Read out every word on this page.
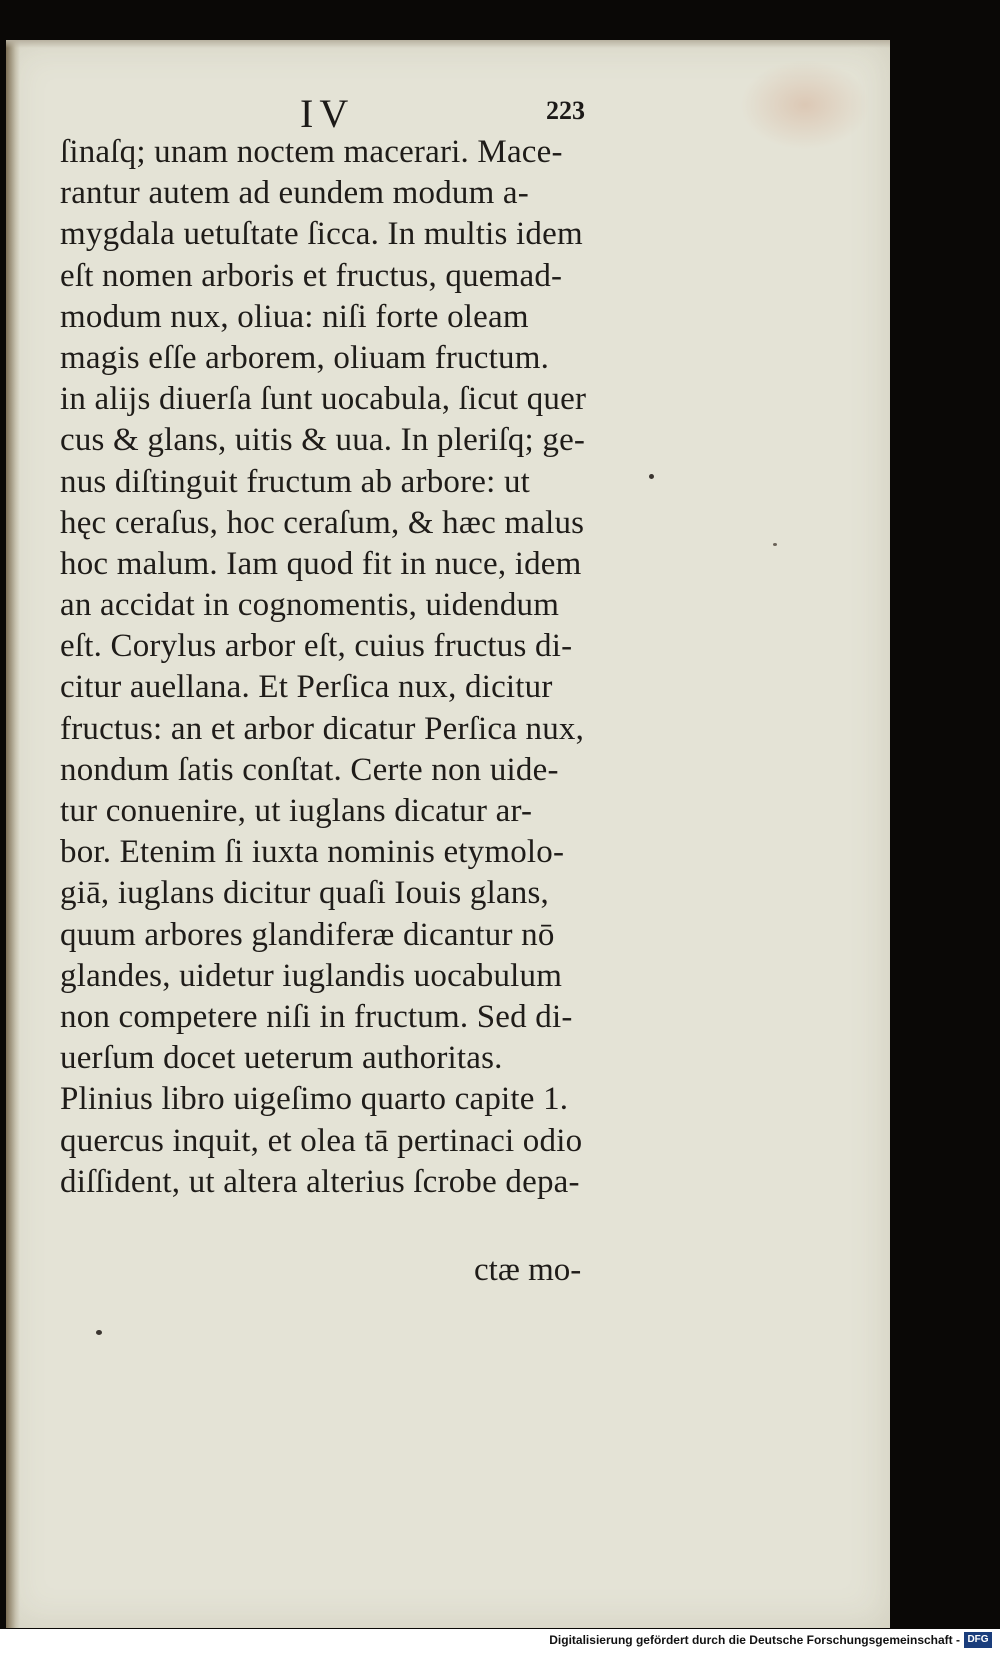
IV	223
ſinaſq; unam noctem macerari. Mace-
rantur autem ad eundem modum a-
mygdala uetuſtate ſicca. In multis idem
eſt nomen arboris et fructus, quemad-
modum nux, oliua: niſi forte oleam
magis eſſe arborem, oliuam fructum.
in alijs diuerſa ſunt uocabula, ſicut quer
cus & glans, uitis & uua. In pleriſq; ge-
nus diſtinguit fructum ab arbore: ut
hęc ceraſus, hoc ceraſum, & hæc malus
hoc malum. Iam quod fit in nuce, idem
an accidat in cognomentis, uidendum
eſt. Corylus arbor eſt, cuius fructus di-
citur auellana. Et Perſica nux, dicitur
fructus: an et arbor dicatur Perſica nux,
nondum ſatis conſtat. Certe non uide-
tur conuenire, ut iuglans dicatur ar-
bor. Etenim ſi iuxta nominis etymolo-
giā, iuglans dicitur quaſi Iouis glans,
quum arbores glandiferæ dicantur nō
glandes, uidetur iuglandis uocabulum
non competere niſi in fructum. Sed di-
uerſum docet ueterum authoritas.
Plinius libro uigeſimo quarto capite 1.
quercus inquit, et olea tā pertinaci odio
diſſident, ut altera alterius ſcrobe depa-
ctæ mo-
Digitalisierung gefördert durch die Deutsche Forschungsgemeinschaft - DFG
